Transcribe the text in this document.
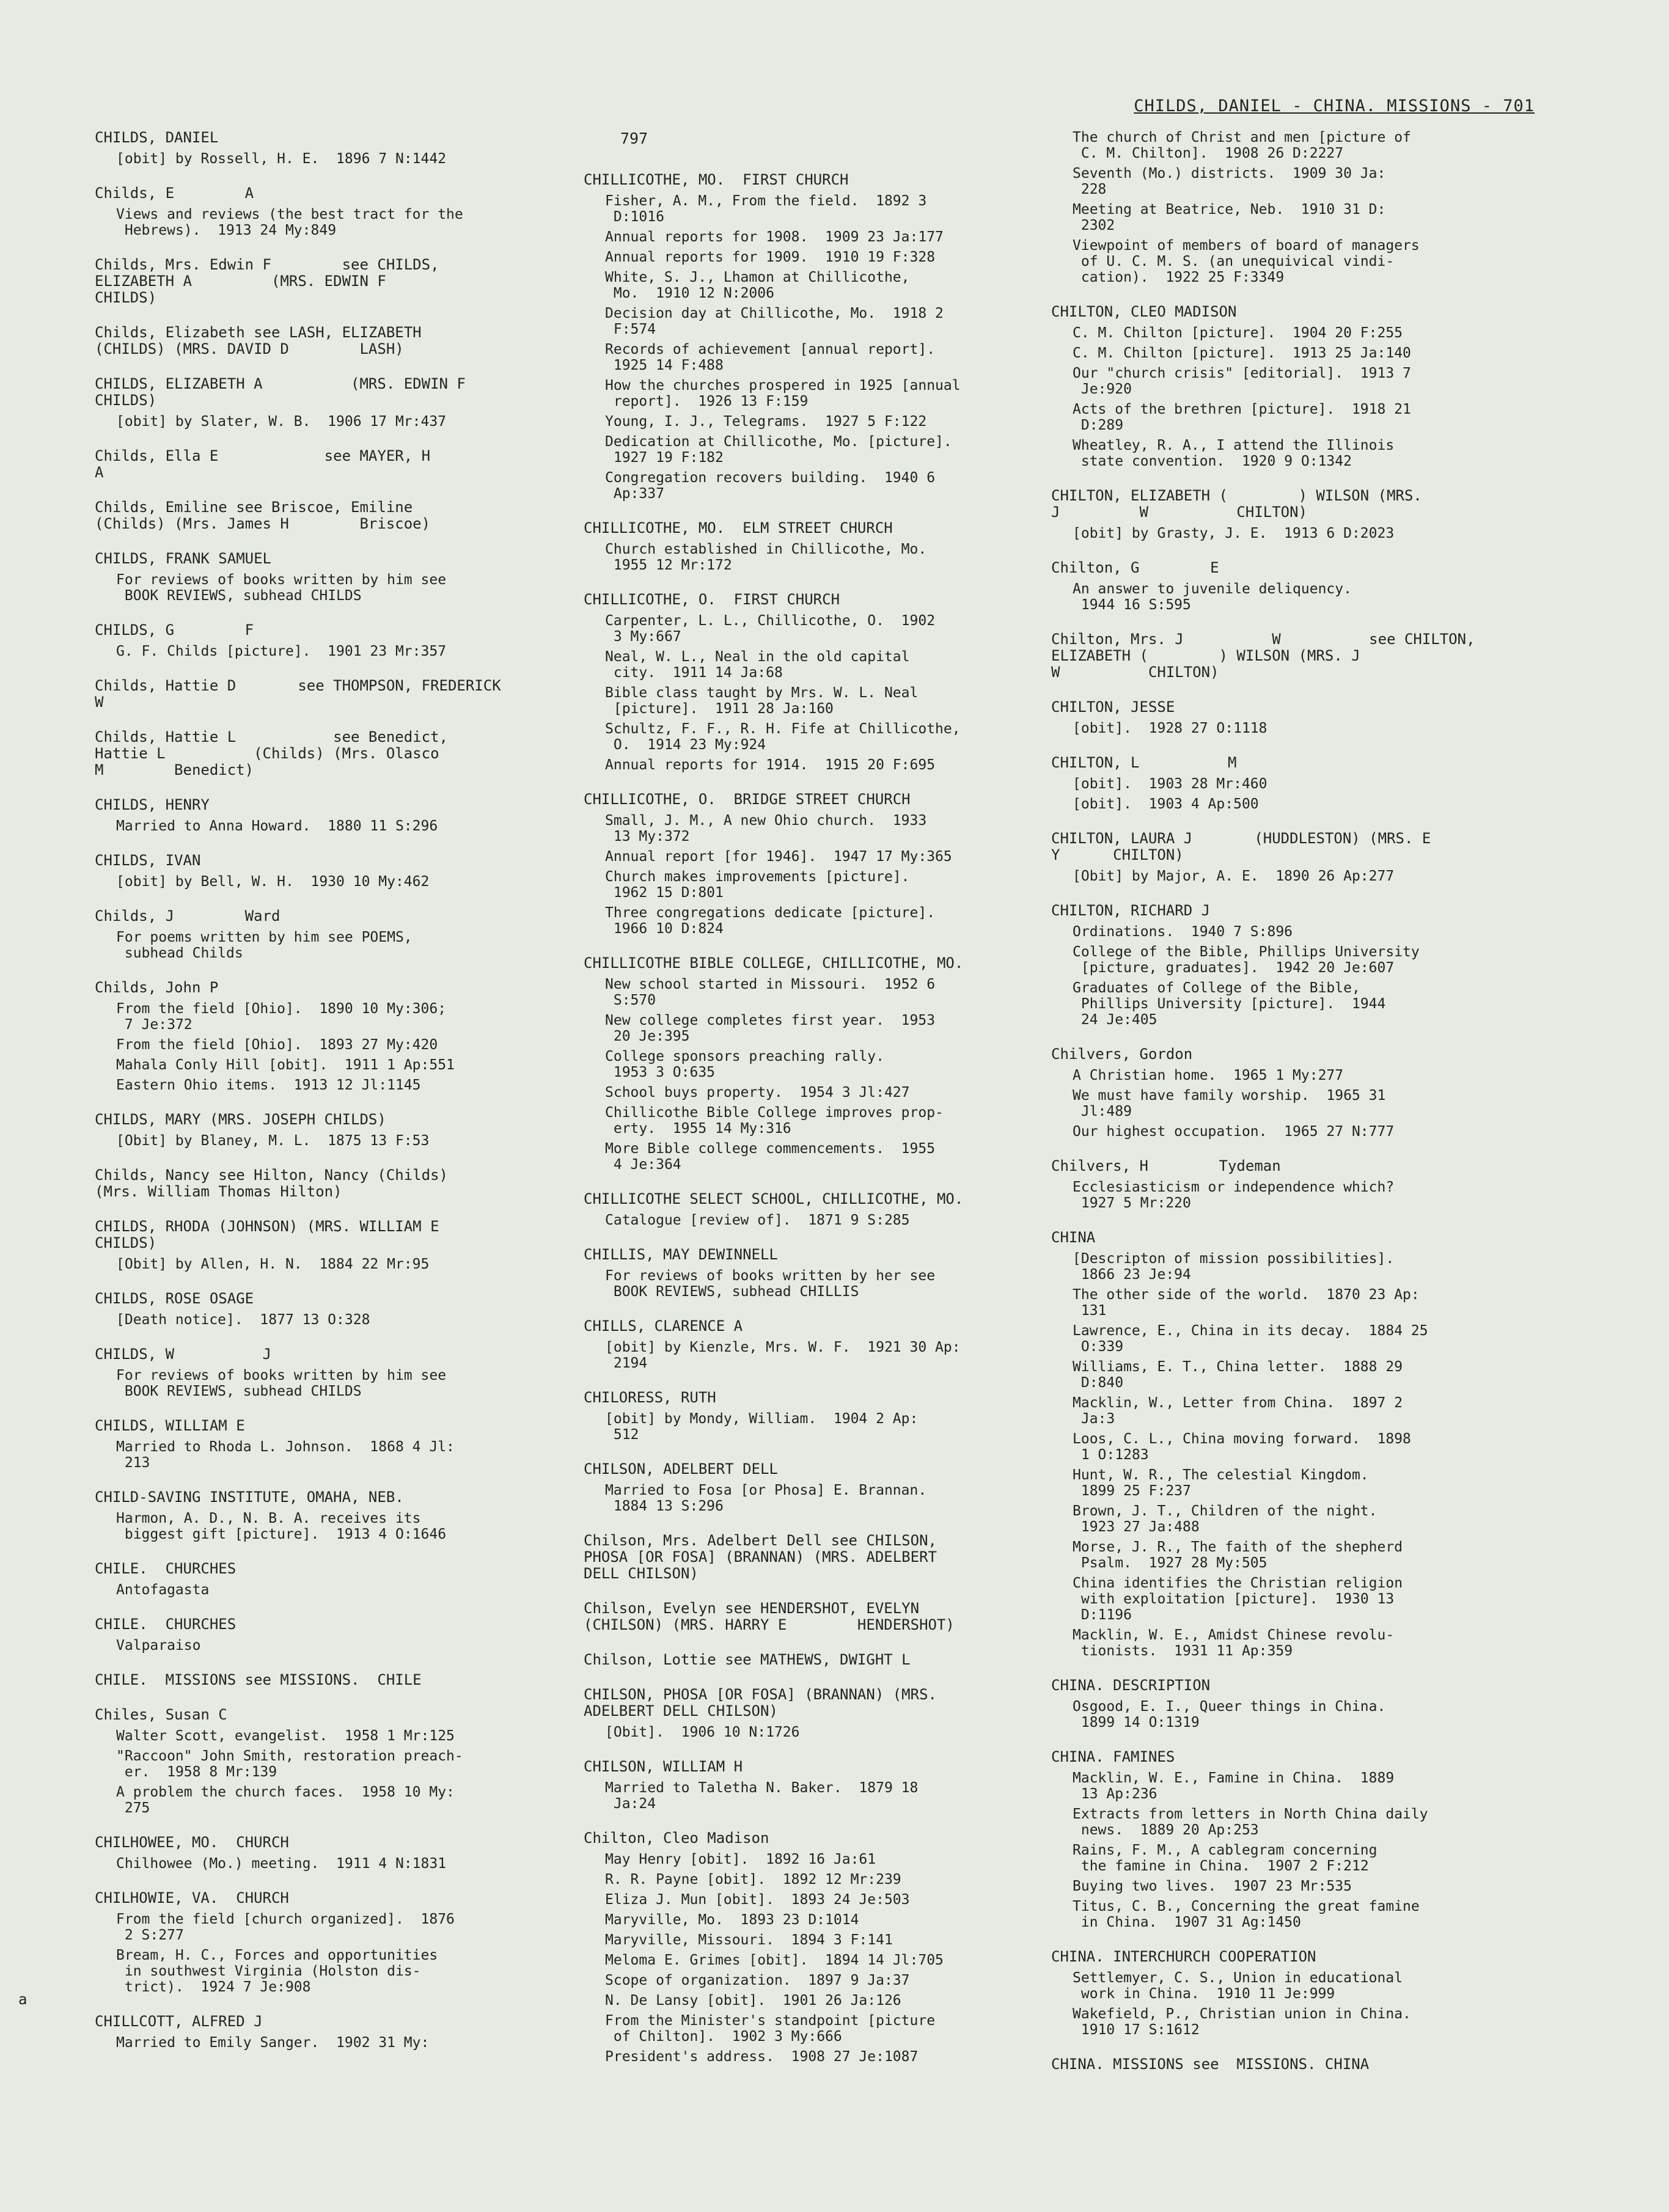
CHILDS, DANIEL - CHINA. MISSIONS - 701
a
CHILDS, DANIEL
[obit] by Rossell, H. E.  1896 7 N:1442
Childs, E        A
Views and reviews (the best tract for the
Hebrews).  1913 24 My:849
Childs, Mrs. Edwin F        see CHILDS,
ELIZABETH A         (MRS. EDWIN F
CHILDS)
Childs, Elizabeth see LASH, ELIZABETH
(CHILDS) (MRS. DAVID D        LASH)
CHILDS, ELIZABETH A          (MRS. EDWIN F
CHILDS)
[obit] by Slater, W. B.  1906 17 Mr:437
Childs, Ella E            see MAYER, H
A
Childs, Emiline see Briscoe, Emiline
(Childs) (Mrs. James H        Briscoe)
CHILDS, FRANK SAMUEL
For reviews of books written by him see
BOOK REVIEWS, subhead CHILDS
CHILDS, G        F
G. F. Childs [picture].  1901 23 Mr:357
Childs, Hattie D       see THOMPSON, FREDERICK
W
Childs, Hattie L           see Benedict,
Hattie L          (Childs) (Mrs. Olasco
M        Benedict)
CHILDS, HENRY
Married to Anna Howard.  1880 11 S:296
CHILDS, IVAN
[obit] by Bell, W. H.  1930 10 My:462
Childs, J        Ward
For poems written by him see POEMS,
subhead Childs
Childs, John P
From the field [Ohio].  1890 10 My:306;
7 Je:372
From the field [Ohio].  1893 27 My:420
Mahala Conly Hill [obit].  1911 1 Ap:551
Eastern Ohio items.  1913 12 Jl:1145
CHILDS, MARY (MRS. JOSEPH CHILDS)
[Obit] by Blaney, M. L.  1875 13 F:53
Childs, Nancy see Hilton, Nancy (Childs)
(Mrs. William Thomas Hilton)
CHILDS, RHODA (JOHNSON) (MRS. WILLIAM E
CHILDS)
[Obit] by Allen, H. N.  1884 22 Mr:95
CHILDS, ROSE OSAGE
[Death notice].  1877 13 O:328
CHILDS, W          J
For reviews of books written by him see
BOOK REVIEWS, subhead CHILDS
CHILDS, WILLIAM E
Married to Rhoda L. Johnson.  1868 4 Jl:
213
CHILD-SAVING INSTITUTE, OMAHA, NEB.
Harmon, A. D., N. B. A. receives its
biggest gift [picture].  1913 4 O:1646
CHILE.  CHURCHES
Antofagasta
CHILE.  CHURCHES
Valparaiso
CHILE.  MISSIONS see MISSIONS.  CHILE
Chiles, Susan C
Walter Scott, evangelist.  1958 1 Mr:125
"Raccoon" John Smith, restoration preach-
er.  1958 8 Mr:139
A problem the church faces.  1958 10 My:
275
CHILHOWEE, MO.  CHURCH
Chilhowee (Mo.) meeting.  1911 4 N:1831
CHILHOWIE, VA.  CHURCH
From the field [church organized].  1876
2 S:277
Bream, H. C., Forces and opportunities
in southwest Virginia (Holston dis-
trict).  1924 7 Je:908
CHILLCOTT, ALFRED J
Married to Emily Sanger.  1902 31 My:
797
CHILLICOTHE, MO.  FIRST CHURCH
Fisher, A. M., From the field.  1892 3
D:1016
Annual reports for 1908.  1909 23 Ja:177
Annual reports for 1909.  1910 19 F:328
White, S. J., Lhamon at Chillicothe,
Mo.  1910 12 N:2006
Decision day at Chillicothe, Mo.  1918 2
F:574
Records of achievement [annual report].
1925 14 F:488
How the churches prospered in 1925 [annual
report].  1926 13 F:159
Young, I. J., Telegrams.  1927 5 F:122
Dedication at Chillicothe, Mo. [picture].
1927 19 F:182
Congregation recovers building.  1940 6
Ap:337
CHILLICOTHE, MO.  ELM STREET CHURCH
Church established in Chillicothe, Mo.
1955 12 Mr:172
CHILLICOTHE, O.  FIRST CHURCH
Carpenter, L. L., Chillicothe, O.  1902
3 My:667
Neal, W. L., Neal in the old capital
city.  1911 14 Ja:68
Bible class taught by Mrs. W. L. Neal
[picture].  1911 28 Ja:160
Schultz, F. F., R. H. Fife at Chillicothe,
O.  1914 23 My:924
Annual reports for 1914.  1915 20 F:695
CHILLICOTHE, O.  BRIDGE STREET CHURCH
Small, J. M., A new Ohio church.  1933
13 My:372
Annual report [for 1946].  1947 17 My:365
Church makes improvements [picture].
1962 15 D:801
Three congregations dedicate [picture].
1966 10 D:824
CHILLICOTHE BIBLE COLLEGE, CHILLICOTHE, MO.
New school started in Missouri.  1952 6
S:570
New college completes first year.  1953
20 Je:395
College sponsors preaching rally.
1953 3 O:635
School buys property.  1954 3 Jl:427
Chillicothe Bible College improves prop-
erty.  1955 14 My:316
More Bible college commencements.  1955
4 Je:364
CHILLICOTHE SELECT SCHOOL, CHILLICOTHE, MO.
Catalogue [review of].  1871 9 S:285
CHILLIS, MAY DEWINNELL
For reviews of books written by her see
BOOK REVIEWS, subhead CHILLIS
CHILLS, CLARENCE A
[obit] by Kienzle, Mrs. W. F.  1921 30 Ap:
2194
CHILORESS, RUTH
[obit] by Mondy, William.  1904 2 Ap:
512
CHILSON, ADELBERT DELL
Married to Fosa [or Phosa] E. Brannan.
1884 13 S:296
Chilson, Mrs. Adelbert Dell see CHILSON,
PHOSA [OR FOSA] (BRANNAN) (MRS. ADELBERT
DELL CHILSON)
Chilson, Evelyn see HENDERSHOT, EVELYN
(CHILSON) (MRS. HARRY E        HENDERSHOT)
Chilson, Lottie see MATHEWS, DWIGHT L
CHILSON, PHOSA [OR FOSA] (BRANNAN) (MRS.
ADELBERT DELL CHILSON)
[Obit].  1906 10 N:1726
CHILSON, WILLIAM H
Married to Taletha N. Baker.  1879 18
Ja:24
Chilton, Cleo Madison
May Henry [obit].  1892 16 Ja:61
R. R. Payne [obit].  1892 12 Mr:239
Eliza J. Mun [obit].  1893 24 Je:503
Maryville, Mo.  1893 23 D:1014
Maryville, Missouri.  1894 3 F:141
Meloma E. Grimes [obit].  1894 14 Jl:705
Scope of organization.  1897 9 Ja:37
N. De Lansy [obit].  1901 26 Ja:126
From the Minister's standpoint [picture
of Chilton].  1902 3 My:666
President's address.  1908 27 Je:1087
The church of Christ and men [picture of
C. M. Chilton].  1908 26 D:2227
Seventh (Mo.) districts.  1909 30 Ja:
228
Meeting at Beatrice, Neb.  1910 31 D:
2302
Viewpoint of members of board of managers
of U. C. M. S. (an unequivical vindi-
cation).  1922 25 F:3349
CHILTON, CLEO MADISON
C. M. Chilton [picture].  1904 20 F:255
C. M. Chilton [picture].  1913 25 Ja:140
Our "church crisis" [editorial].  1913 7
Je:920
Acts of the brethren [picture].  1918 21
D:289
Wheatley, R. A., I attend the Illinois
state convention.  1920 9 O:1342
CHILTON, ELIZABETH (        ) WILSON (MRS.
J         W          CHILTON)
[obit] by Grasty, J. E.  1913 6 D:2023
Chilton, G        E
An answer to juvenile deliquency.
1944 16 S:595
Chilton, Mrs. J          W          see CHILTON,
ELIZABETH (        ) WILSON (MRS. J
W          CHILTON)
CHILTON, JESSE
[obit].  1928 27 O:1118
CHILTON, L          M
[obit].  1903 28 Mr:460
[obit].  1903 4 Ap:500
CHILTON, LAURA J       (HUDDLESTON) (MRS. E
Y      CHILTON)
[Obit] by Major, A. E.  1890 26 Ap:277
CHILTON, RICHARD J
Ordinations.  1940 7 S:896
College of the Bible, Phillips University
[picture, graduates].  1942 20 Je:607
Graduates of College of the Bible,
Phillips University [picture].  1944
24 Je:405
Chilvers, Gordon
A Christian home.  1965 1 My:277
We must have family worship.  1965 31
Jl:489
Our highest occupation.  1965 27 N:777
Chilvers, H        Tydeman
Ecclesiasticism or independence which?
1927 5 Mr:220
CHINA
[Descripton of mission possibilities].
1866 23 Je:94
The other side of the world.  1870 23 Ap:
131
Lawrence, E., China in its decay.  1884 25
O:339
Williams, E. T., China letter.  1888 29
D:840
Macklin, W., Letter from China.  1897 2
Ja:3
Loos, C. L., China moving forward.  1898
1 O:1283
Hunt, W. R., The celestial Kingdom.
1899 25 F:237
Brown, J. T., Children of the night.
1923 27 Ja:488
Morse, J. R., The faith of the shepherd
Psalm.  1927 28 My:505
China identifies the Christian religion
with exploitation [picture].  1930 13
D:1196
Macklin, W. E., Amidst Chinese revolu-
tionists.  1931 11 Ap:359
CHINA. DESCRIPTION
Osgood, E. I., Queer things in China.
1899 14 O:1319
CHINA. FAMINES
Macklin, W. E., Famine in China.  1889
13 Ap:236
Extracts from letters in North China daily
news.  1889 20 Ap:253
Rains, F. M., A cablegram concerning
the famine in China.  1907 2 F:212
Buying two lives.  1907 23 Mr:535
Titus, C. B., Concerning the great famine
in China.  1907 31 Ag:1450
CHINA. INTERCHURCH COOPERATION
Settlemyer, C. S., Union in educational
work in China.  1910 11 Je:999
Wakefield, P., Christian union in China.
1910 17 S:1612
CHINA. MISSIONS see  MISSIONS. CHINA
